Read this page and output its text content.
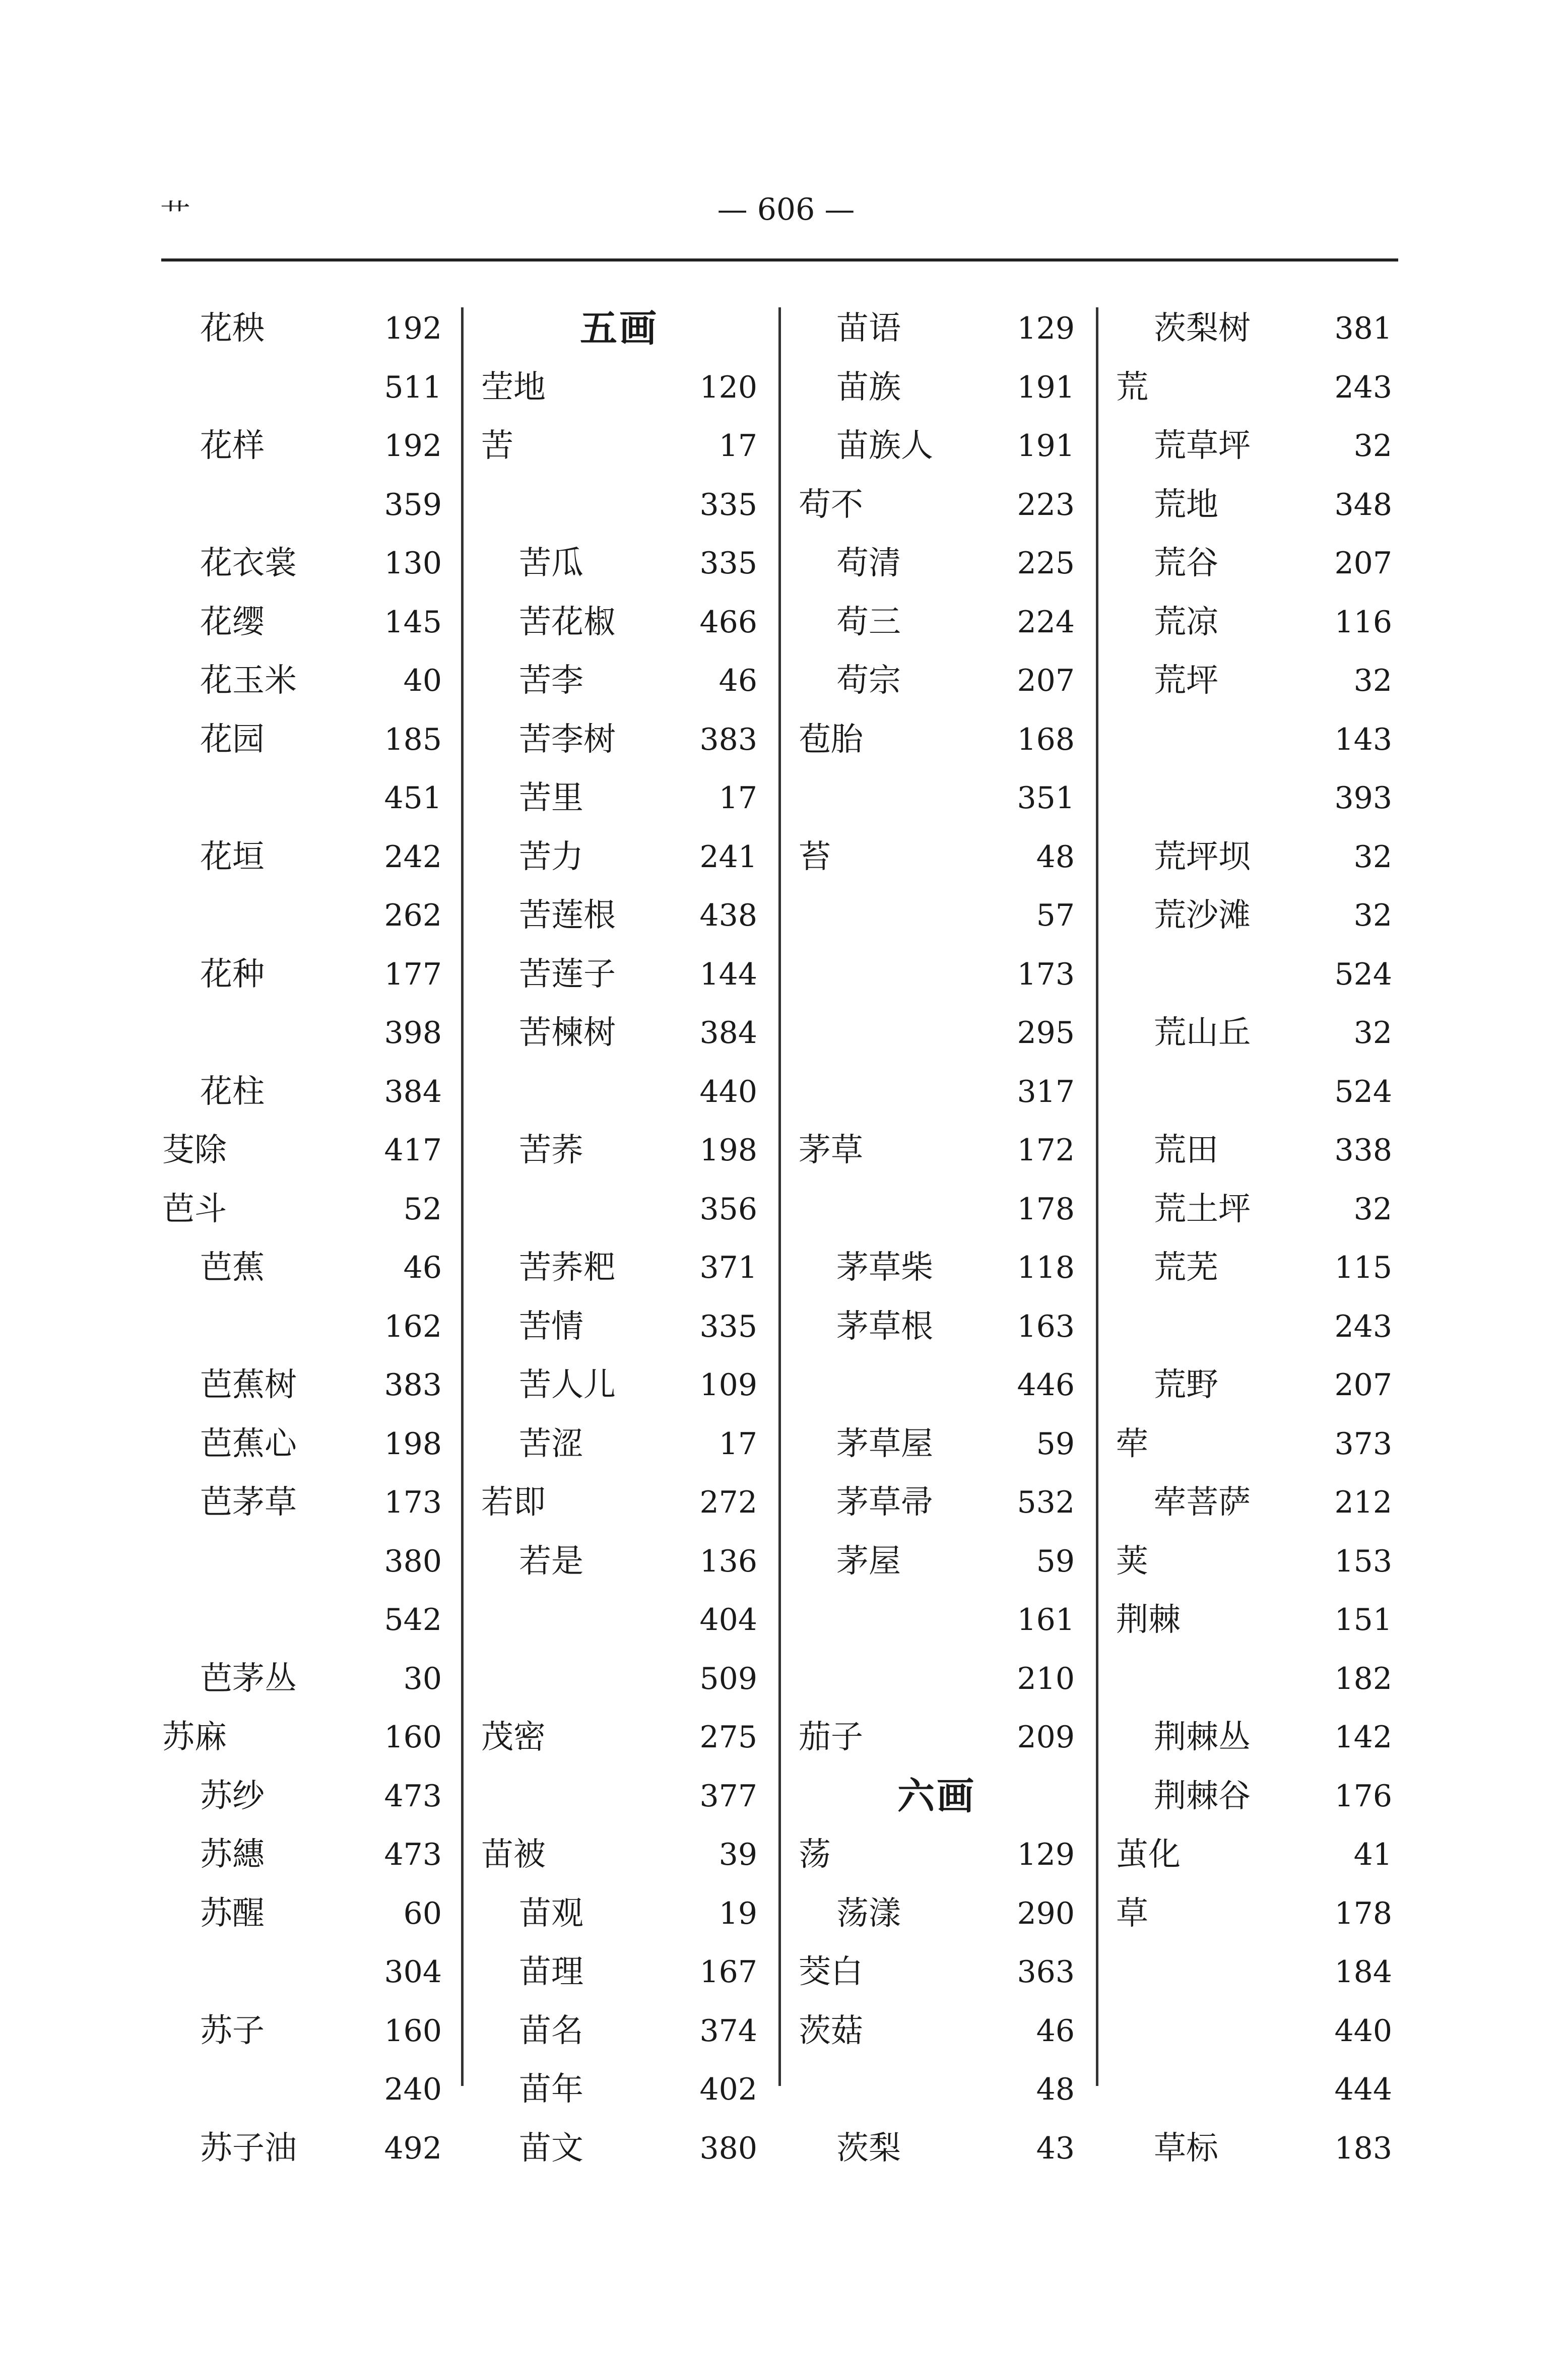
艹	— 606 —
花秧	192
511
花样	192
359
花衣裳	130
花缨	145
花玉米	40
花园	185
451
花垣	242
262
花种	177
398
花柱	384
芟除	417
芭斗	52
芭蕉	46
162
芭蕉树	383
芭蕉心	198
芭茅草	173
380
542
芭茅丛	30
苏麻	160
苏纱	473
苏繐	473
苏醒	60
304
苏子	160
240
苏子油	492
五画
茔地	120
苦	17
335
苦瓜	335
苦花椒	466
苦李	46
苦李树	383
苦里	17
苦力	241
苦莲根	438
苦莲子	144
苦楝树	384
440
苦荞	198
356
苦荞粑	371
苦情	335
苦人儿	109
苦涩	17
若即	272
若是	136
404
509
茂密	275
377
苗被	39
苗观	19
苗理	167
苗名	374
苗年	402
苗文	380
苗语	129
苗族	191
苗族人	191
苟不	223
苟清	225
苟三	224
苟宗	207
苞胎	168
351
苔	48
57
173
295
317
茅草	172
178
茅草柴	118
茅草根	163
446
茅草屋	59
茅草帚	532
茅屋	59
161
210
茄子	209
六画
荡	129
荡漾	290
茭白	363
茨菇	46
48
茨梨	43
茨梨树	381
荒	243
荒草坪	32
荒地	348
荒谷	207
荒凉	116
荒坪	32
143
393
荒坪坝	32
荒沙滩	32
524
荒山丘	32
524
荒田	338
荒土坪	32
荒芜	115
243
荒野	207
荦	373
荦菩萨	212
荚	153
荆棘	151
182
荆棘丛	142
荆棘谷	176
茧化	41
草	178
184
440
444
草标	183
